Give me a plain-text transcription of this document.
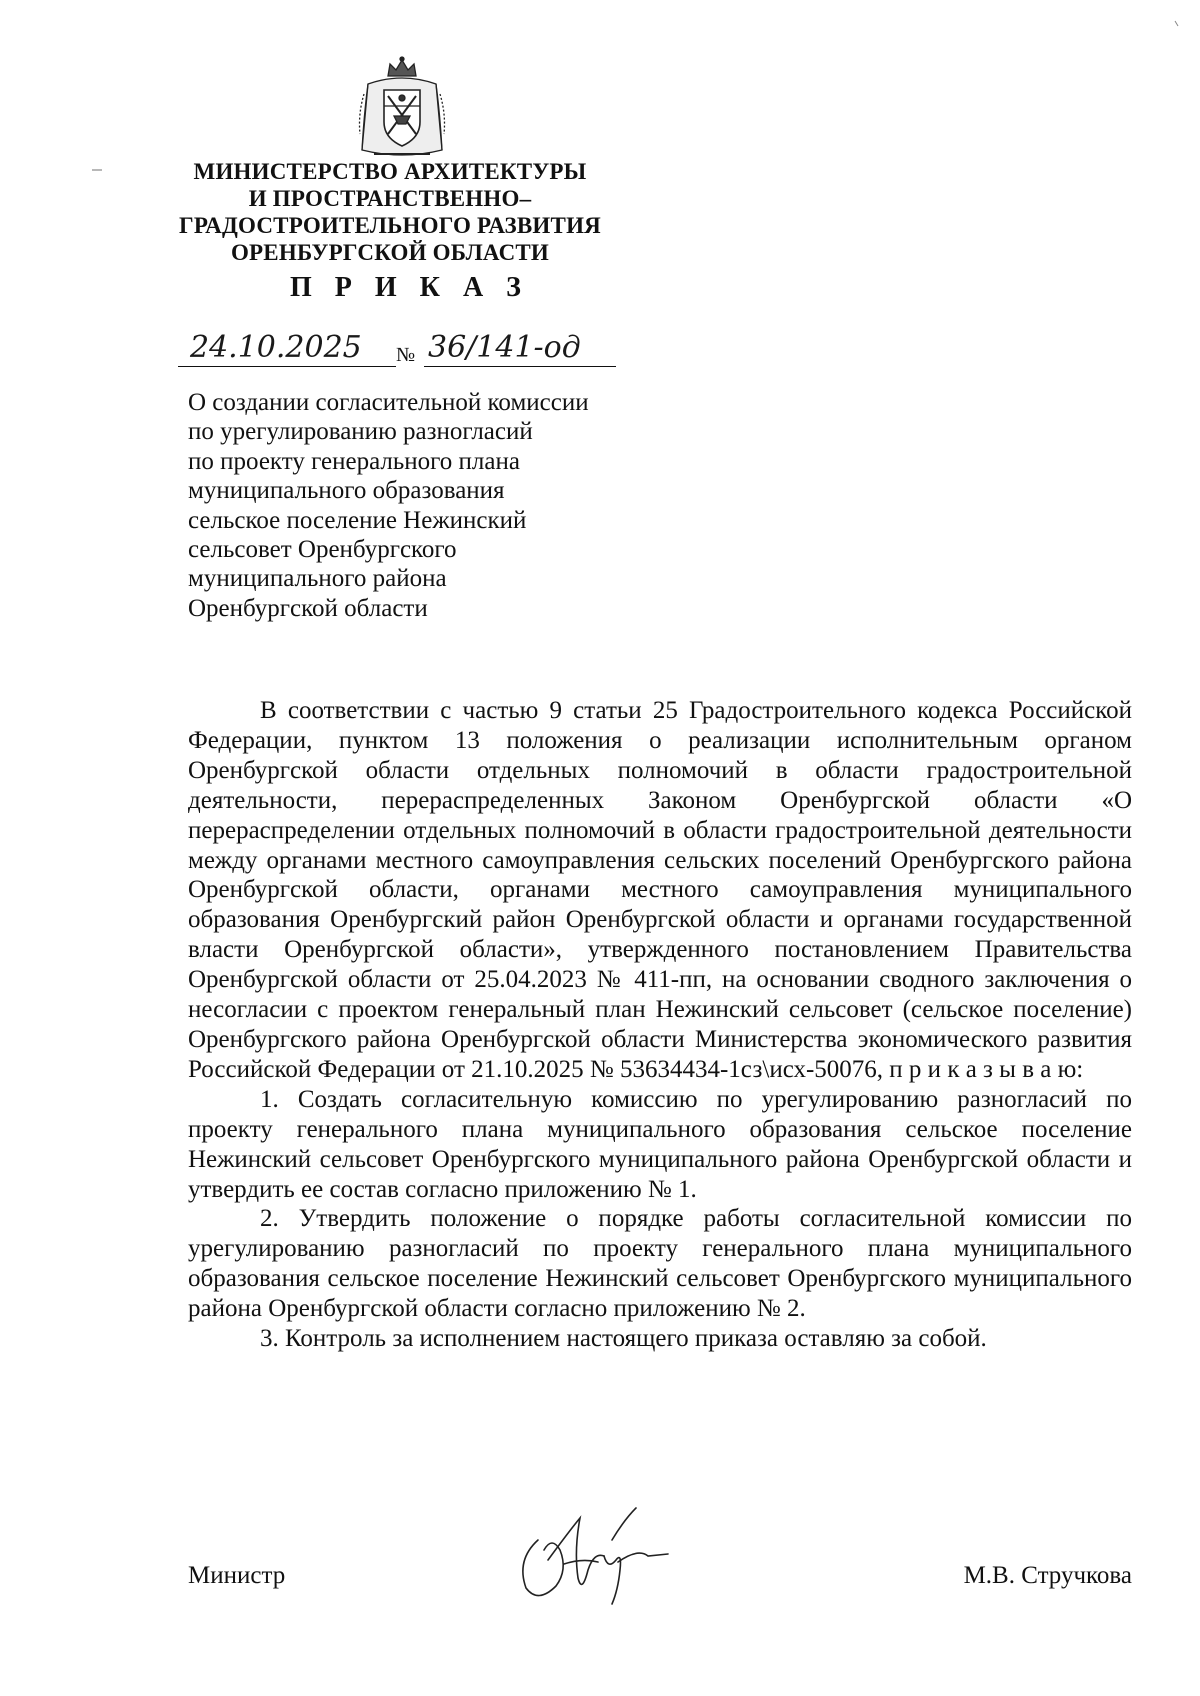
МИНИСТЕРСТВО АРХИТЕКТУРЫ
И ПРОСТРАНСТВЕННО–
ГРАДОСТРОИТЕЛЬНОГО РАЗВИТИЯ
ОРЕНБУРГСКОЙ ОБЛАСТИ
П Р И К А З
24.10.2025 № 36/141-од
О создании согласительной комиссии
по урегулированию разногласий
по проекту генерального плана
муниципального образования
сельское поселение Нежинский
сельсовет Оренбургского
муниципального района
Оренбургской области

В соответствии с частью 9 статьи 25 Градостроительного кодекса Российской Федерации, пунктом 13 положения о реализации исполнительным органом Оренбургской области отдельных полномочий в области градостроительной деятельности, перераспределенных Законом Оренбургской области «О перераспределении отдельных полномочий в области градостроительной деятельности между органами местного самоуправления сельских поселений Оренбургского района Оренбургской области, органами местного самоуправления муниципального образования Оренбургский район Оренбургской области и органами государственной власти Оренбургской области», утвержденного постановлением Правительства Оренбургской области от 25.04.2023 № 411-пп, на основании сводного заключения о несогласии с проектом генеральный план Нежинский сельсовет (сельское поселение) Оренбургского района Оренбургской области Министерства экономического развития Российской Федерации от 21.10.2025 № 53634434-1сз\исх-50076, п р и к а з ы в а ю:

1. Создать согласительную комиссию по урегулированию разногласий по проекту генерального плана муниципального образования сельское поселение Нежинский сельсовет Оренбургского муниципального района Оренбургской области и утвердить ее состав согласно приложению № 1.

2. Утвердить положение о порядке работы согласительной комиссии по урегулированию разногласий по проекту генерального плана муниципального образования сельское поселение Нежинский сельсовет Оренбургского муниципального района Оренбургской области согласно приложению № 2.

3. Контроль за исполнением настоящего приказа оставляю за собой.

Министр	М.В. Стручкова
